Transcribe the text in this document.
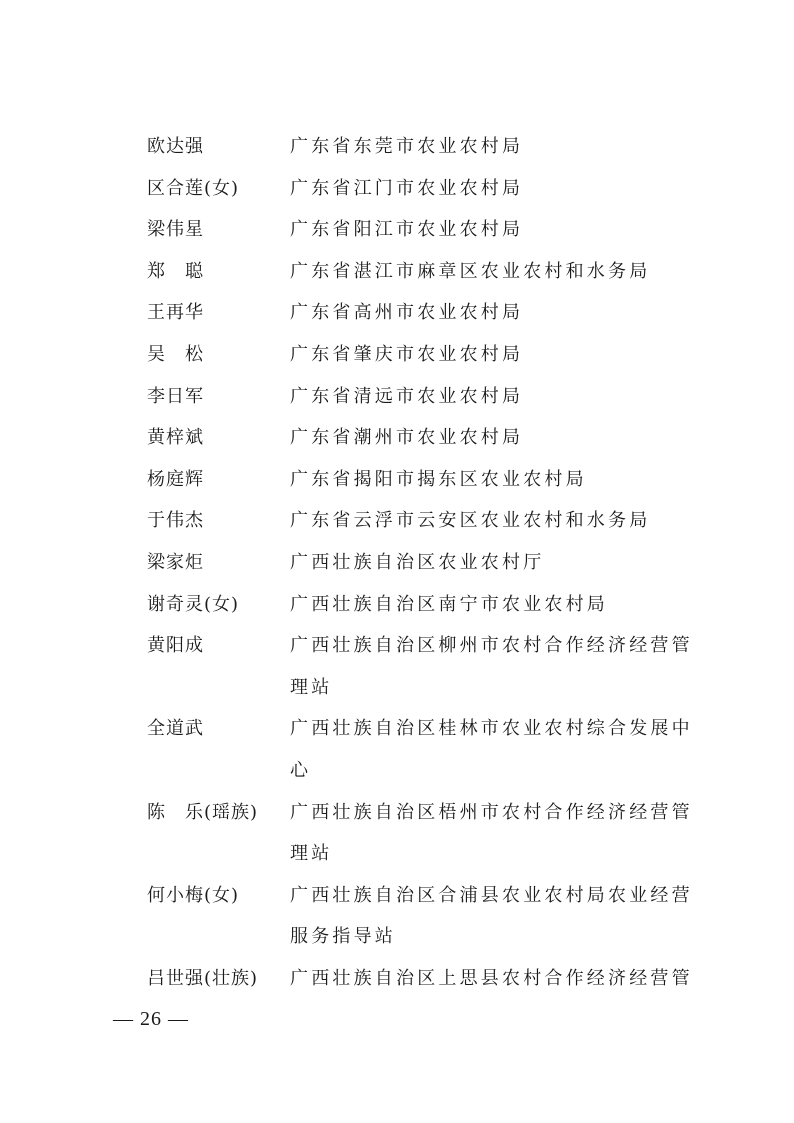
欧达强	广东省东莞市农业农村局
区合莲(女)	广东省江门市农业农村局
梁伟星	广东省阳江市农业农村局
郑　聪	广东省湛江市麻章区农业农村和水务局
王再华	广东省高州市农业农村局
吴　松	广东省肇庆市农业农村局
李日军	广东省清远市农业农村局
黄梓斌	广东省潮州市农业农村局
杨庭辉	广东省揭阳市揭东区农业农村局
于伟杰	广东省云浮市云安区农业农村和水务局
梁家炬	广西壮族自治区农业农村厅
谢奇灵(女)	广西壮族自治区南宁市农业农村局
黄阳成	广西壮族自治区柳州市农村合作经济经营管理站
全道武	广西壮族自治区桂林市农业农村综合发展中心
陈　乐(瑶族)	广西壮族自治区梧州市农村合作经济经营管理站
何小梅(女)	广西壮族自治区合浦县农业农村局农业经营服务指导站
吕世强(壮族)	广西壮族自治区上思县农村合作经济经营管
— 26 —
